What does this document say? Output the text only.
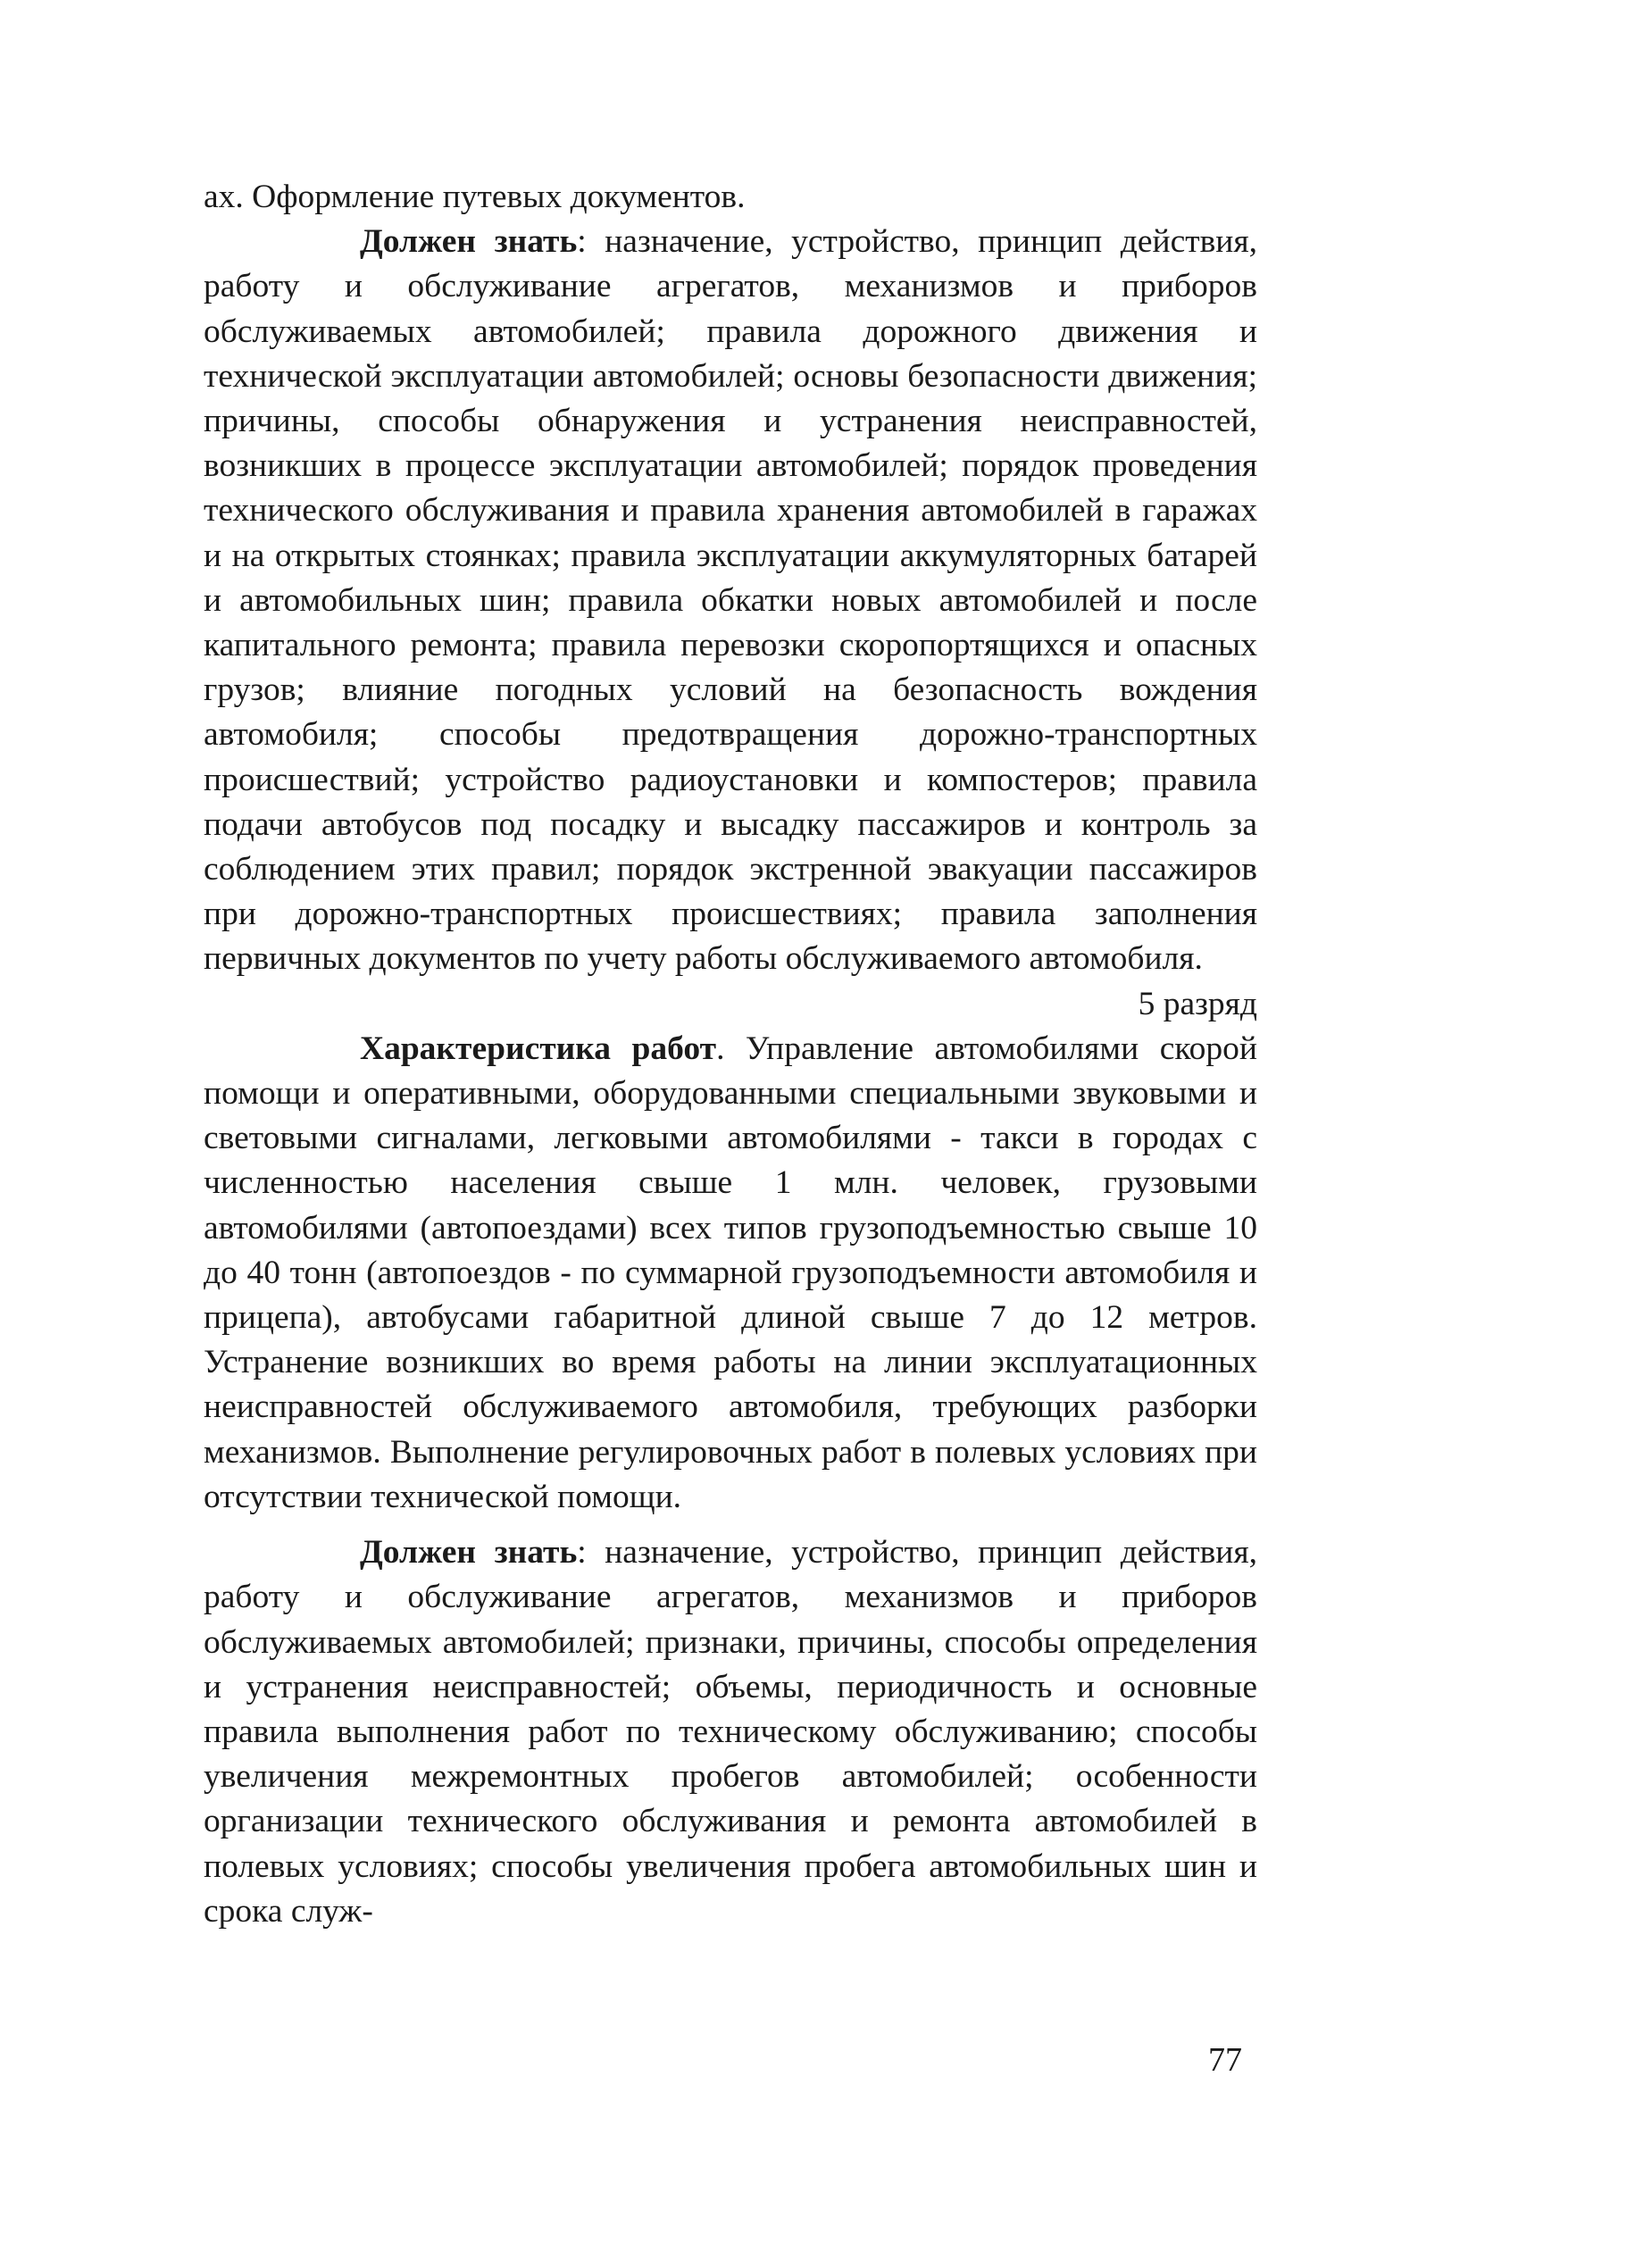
ах. Оформление путевых документов.

Должен знать: назначение, устройство, принцип действия, работу и обслуживание агрегатов, механизмов и приборов обслуживаемых автомобилей; правила дорожного движения и технической эксплуатации автомобилей; основы безопасности движения; причины, способы обнаружения и устранения неисправностей, возникших в процессе эксплуатации автомобилей; порядок проведения технического обслуживания и правила хранения автомобилей в гаражах и на открытых стоянках; правила эксплуатации аккумуляторных батарей и автомобильных шин; правила обкатки новых автомобилей и после капитального ремонта; правила перевозки скоропортящихся и опасных грузов; влияние погодных условий на безопасность вождения автомобиля; способы предотвращения дорожно-транспортных происшествий; устройство радиоустановки и компостеров; правила подачи автобусов под посадку и высадку пассажиров и контроль за соблюдением этих правил; порядок экстренной эвакуации пассажиров при дорожно-транспортных происшествиях; правила заполнения первичных документов по учету работы обслуживаемого автомобиля.

5 разряд

Характеристика работ. Управление автомобилями скорой помощи и оперативными, оборудованными специальными звуковыми и световыми сигналами, легковыми автомобилями - такси в городах с численностью населения свыше 1 млн. человек, грузовыми автомобилями (автопоездами) всех типов грузоподъемностью свыше 10 до 40 тонн (автопоездов - по суммарной грузоподъемности автомобиля и прицепа), автобусами габаритной длиной свыше 7 до 12 метров. Устранение возникших во время работы на линии эксплуатационных неисправностей обслуживаемого автомобиля, требующих разборки механизмов. Выполнение регулировочных работ в полевых условиях при отсутствии технической помощи.

Должен знать: назначение, устройство, принцип действия, работу и обслуживание агрегатов, механизмов и приборов обслуживаемых автомобилей; признаки, причины, способы определения и устранения неисправностей; объемы, периодичность и основные правила выполнения работ по техническому обслуживанию; способы увеличения межремонтных пробегов автомобилей; особенности организации технического обслуживания и ремонта автомобилей в полевых условиях; способы увеличения пробега автомобильных шин и срока служ-

77
